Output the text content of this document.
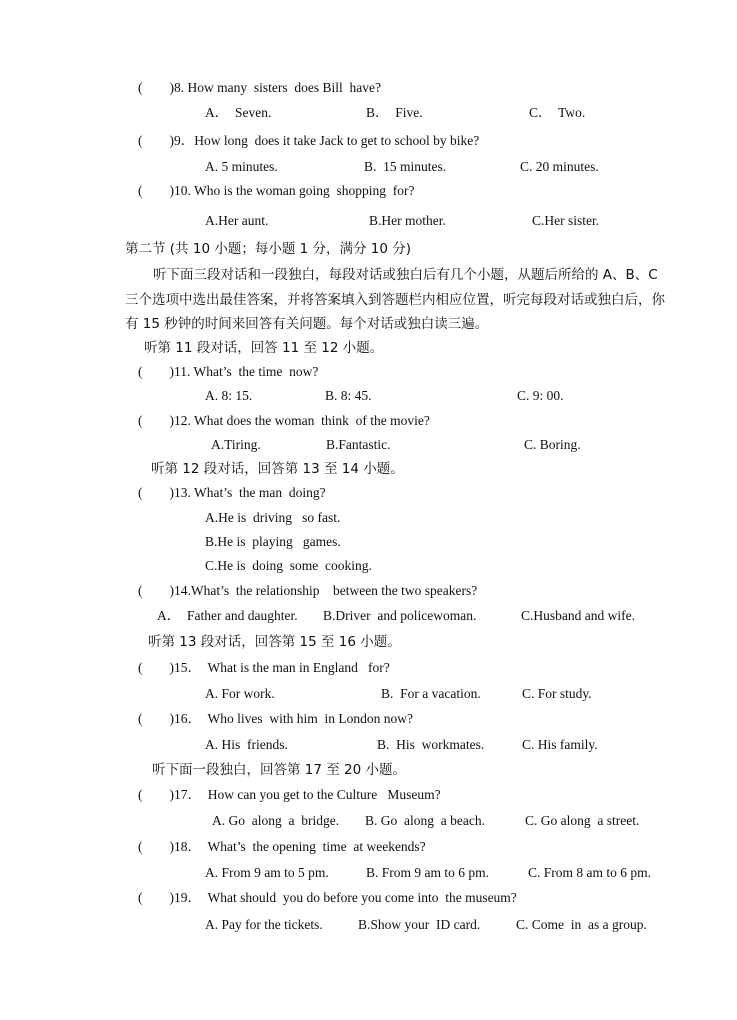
(        )8. How many  sisters  does Bill  have?
A．  Seven.	B．  Five.	C．  Two.
(        )9．How long  does it take Jack to get to school by bike?
A. 5 minutes.	B.  15 minutes.	C. 20 minutes.
(        )10. Who is the woman going  shopping  for?
A.Her aunt.	B.Her mother.	C.Her sister.
第二节 (共 10 小题；每小题 1 分，满分 10 分)
听下面三段对话和一段独白，每段对话或独白后有几个小题，从题后所给的 A、B、C
三个选项中选出最佳答案，并将答案填入到答题栏内相应位置，听完每段对话或独白后，你
有 15 秒钟的时间来回答有关问题。每个对话或独白读三遍。
听第 11 段对话，回答 11 至 12 小题。
(        )11. What’s  the time  now?
A. 8: 15.	B. 8: 45.	C. 9: 00.
(        )12. What does the woman  think  of the movie?
A.Tiring.	B.Fantastic.	C. Boring.
听第 12 段对话，回答第 13 至 14 小题。
(        )13. What’s  the man  doing?
A.He is  driving   so fast.
B.He is  playing   games.
C.He is  doing  some  cooking.
(        )14.What’s  the relationship    between the two speakers?
A．  Father and daughter. B.Driver  and policewoman.	C.Husband and wife.
听第 13 段对话，回答第 15 至 16 小题。
(        )15．  What is the man in England   for?
A. For work.	B.  For a vacation.	C. For study.
(        )16．  Who lives  with him  in London now?
A. His  friends.	B.  His  workmates.	C. His family.
听下面一段独白，回答第 17 至 20 小题。
(        )17．  How can you get to the Culture   Museum?
A. Go  along  a  bridge. B. Go  along  a beach.	C. Go along  a street.
(        )18．  What’s  the opening  time  at weekends?
A. From 9 am to 5 pm.	B. From 9 am to 6 pm.	C. From 8 am to 6 pm.
(        )19．  What should  you do before you come into  the museum?
A. Pay for the tickets.	B.Show your  ID card.	C. Come  in  as a group.
